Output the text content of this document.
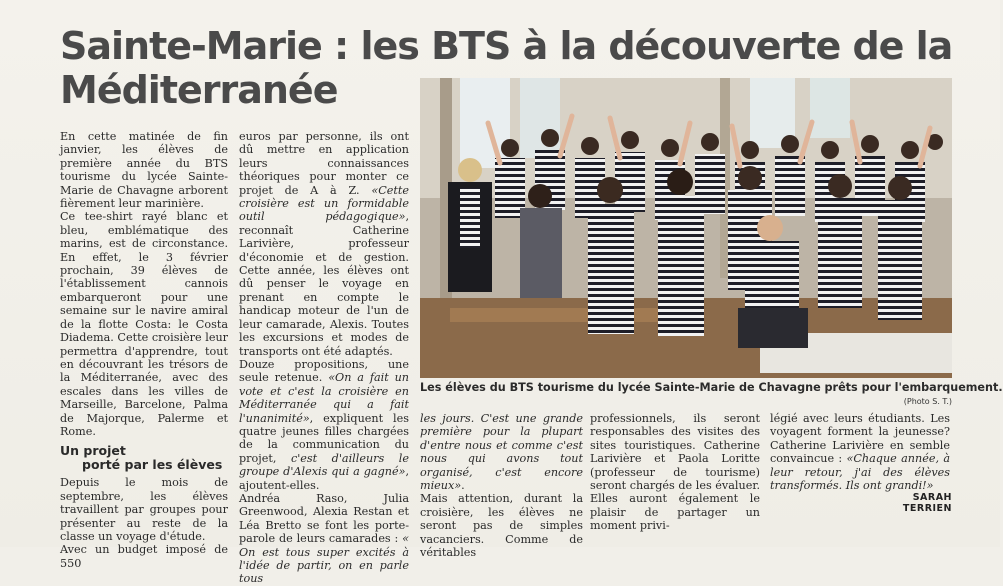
Sainte-Marie : les BTS à la découverte de la Méditerranée

En cette matinée de fin janvier, les élèves de première année du BTS tourisme du lycée Sainte-Marie de Chavagne arborent fièrement leur marinière.

Ce tee-shirt rayé blanc et bleu, emblématique des marins, est de circonstance. En effet, le 3 février prochain, 39 élèves de l'établissement cannois embarqueront pour une semaine sur le navire amiral de la flotte Costa: le Costa Diadema. Cette croisière leur permettra d'apprendre, tout en découvrant les trésors de la Méditerranée, avec des escales dans les villes de Marseille, Barcelone, Palma de Majorque, Palerme et Rome.

Un projet
porté par les élèves

Depuis le mois de septembre, les élèves travaillent par groupes pour présenter au reste de la classe un voyage d'étude.

Avec un budget imposé de 550

euros par personne, ils ont dû mettre en application leurs connaissances théoriques pour monter ce projet de A à Z. «Cette croisière est un formidable outil pédagogique», reconnaît Catherine Larivière, professeur d'économie et de gestion. Cette année, les élèves ont dû penser le voyage en prenant en compte le handicap moteur de l'un de leur camarade, Alexis. Toutes les excursions et modes de transports ont été adaptés.

Douze propositions, une seule retenue. «On a fait un vote et c'est la croisière en Méditerranée qui a fait l'unanimité», expliquent les quatre jeunes filles chargées de la communication du projet, c'est d'ailleurs le groupe d'Alexis qui a gagné», ajoutent-elles.

Andréa Raso, Julia Greenwood, Alexia Restan et Léa Bretto se font les porte-parole de leurs camarades : « On est tous super excités à l'idée de partir, on en parle tous

Les élèves du BTS tourisme du lycée Sainte-Marie de Chavagne prêts pour l'embarquement.
(Photo S. T.)

les jours. C'est une grande première pour la plupart d'entre nous et comme c'est nous qui avons tout organisé, c'est encore mieux».

Mais attention, durant la croisière, les élèves ne seront pas de simples vacanciers. Comme de véritables

professionnels, ils seront responsables des visites des sites touristiques. Catherine Larivière et Paola Loritte (professeur de tourisme) seront chargés de les évaluer. Elles auront également le plaisir de partager un moment privi-

légié avec leurs étudiants. Les voyagent forment la jeunesse? Catherine Larivière en semble convaincue : «Chaque année, à leur retour, j'ai des élèves transformés. Ils ont grandi!»

SARAH TERRIEN
